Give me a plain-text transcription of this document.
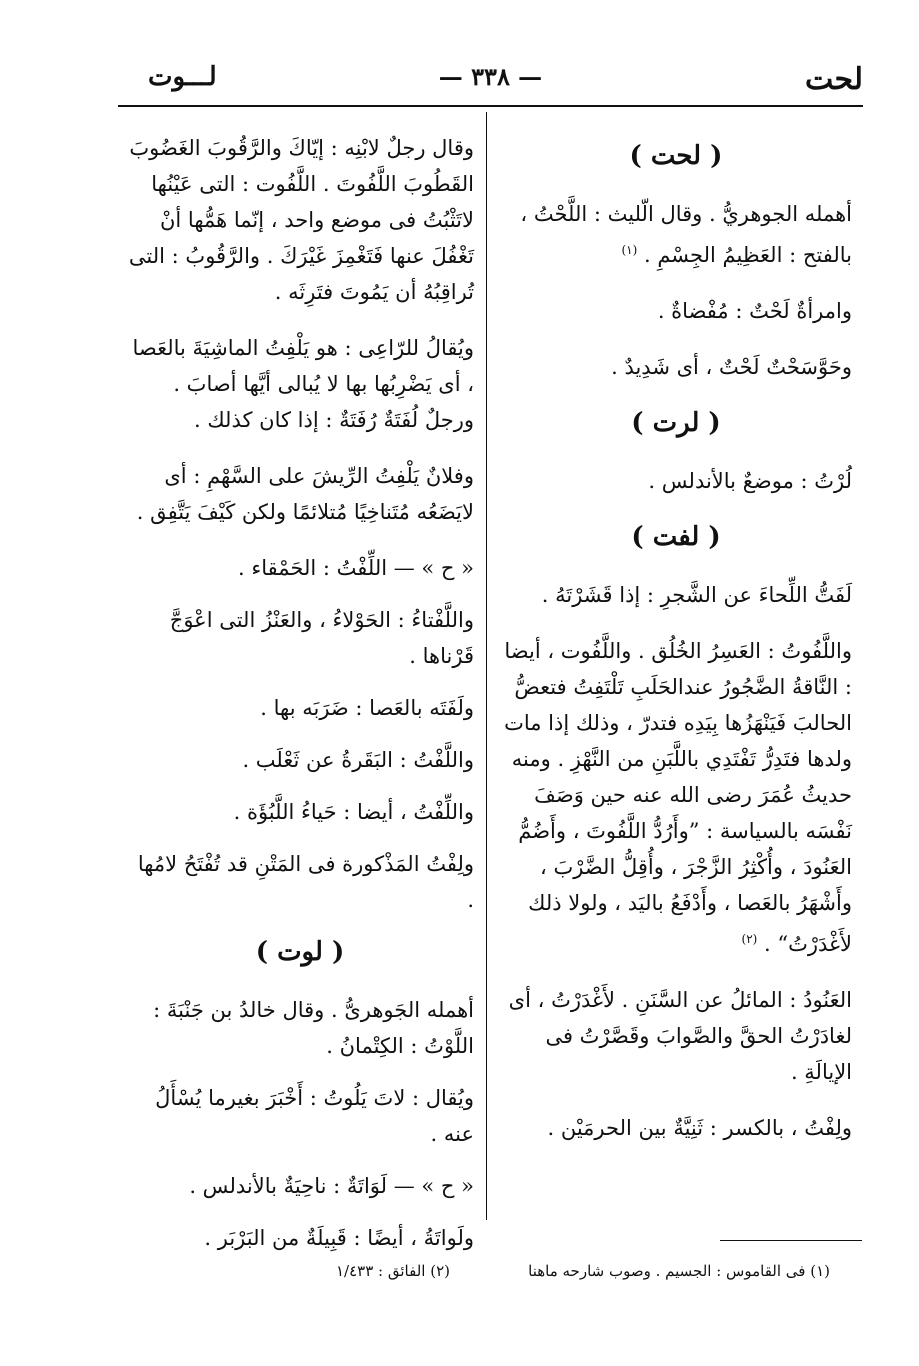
لحت
— ٣٣٨ —
لـــوت
( لحت )

أهمله الجوهريُّ . وقال الّليث : اللَّحْتُ ، بالفتح : العَظِيمُ الجِسْمِ . $^{(١)}$

وامرأةٌ لَحْتٌ : مُفْضاةٌ .

وحَوَّسَحْتٌ لَحْتٌ ، أى شَدِيدٌ .

( لرت )

لُرْتُ : موضعٌ بالأندلس .

( لفت )

لَفَتُّ اللِّحاءَ عن الشَّجرِ : إذا قَشَرْتَهُ .

واللَّفُوتُ : العَسِرُ الخُلُق . واللَّفُوت ، أيضا : النَّاقةُ الضَّجُورُ عندالحَلَبِ تَلْتَفِتُ فتعضُّ الحالبَ فَيَنْهَزُها بِيَدِه فتدرّ ، وذلك إذا مات ولدها فتَدِرُّ تَفْتَدِي باللَّبَنِ من النَّهْزِ . ومنه حديثُ عُمَرَ رضى الله عنه حين وَصَفَ نَفْسَه بالسياسة : ”وأَرُدُّ اللَّفُوتَ ، وأَضُمُّ العَنُودَ ، وأُكْثِرُ الزَّجْرَ ، وأُقِلُّ الضَّرْبَ ، وأَشْهَرُ بالعَصا ، وأَدْفَعُ باليَد ، ولولا ذلك لأَغْدَرْتُ“ . $^{(٢)}$

العَنُودُ : المائلُ عن السَّنَنِ . لأَغْدَرْتُ ، أى لغادَرْتُ الحقَّ والصَّوابَ وقَصَّرْتُ فى الإيالَةِ .

ولِفْتُ ، بالكسر : ثَنِيَّةٌ بين الحرمَيْن .

وقال رجلٌ لابْنِه : إيّاكَ والرَّقُوبَ الغَضُوبَ القَطُوبَ اللَّفُوتَ . اللَّفُوت : التى عَيْنُها لاتَثْبُتُ فى موضع واحد ، إنّما هَمُّها أنْ تَغْفُلَ عنها فَتَغْمِزَ غَيْرَكَ . والرَّقُوبُ : التى تُراقِبُهُ أن يَمُوتَ فتَرِثَه .

ويُقالُ للرّاعِى : هو يَلْفِتُ الماشِيَةَ بالعَصا ، أى يَضْرِبُها بها لا يُبالى أيَّها أصابَ . ورجلٌ لُفَتَةٌ رُفَتَةٌ : إذا كان كذلك .

وفلانٌ يَلْفِتُ الرِّيشَ على السَّهْمِ : أى لايَضَعُه مُتَناخِيًا مُتلائمًا ولكن كَيْفَ يَتَّفِق .

« ح » — اللِّفْتُ : الحَمْقاء .

واللَّفْتاءُ : الحَوْلاءُ ، والعَنْزُ التى اعْوَجَّ قَرْناها .

ولَفَتَه بالعَصا : ضَرَبَه بها .

واللَّفْتُ : البَقَرةُ عن ثَعْلَب .

واللِّفْتُ ، أيضا : حَياءُ اللَّبُؤَة .

ولِفْتُ المَذْكورة فى المَتْنِ قد تُفْتَحُ لامُها .

( لوت )

أهمله الجَوهرىُّ . وقال خالدُ بن جَنْبَةَ : اللَّوْتُ : الكِتْمانُ .

ويُقال : لاتَ يَلُوتُ : أَخْبَرَ بغيرما يُسْأَلُ عنه .

« ح » — لَوَاتَةٌ : ناحِيَةٌ بالأندلس .

ولَواتَةُ ، أيضًا : قَبِيلَةٌ من البَرْبَر .

(١) فى القاموس : الجسيم . وصوب شارحه ماهنا
(٢) الفائق : ١/٤٣٣
